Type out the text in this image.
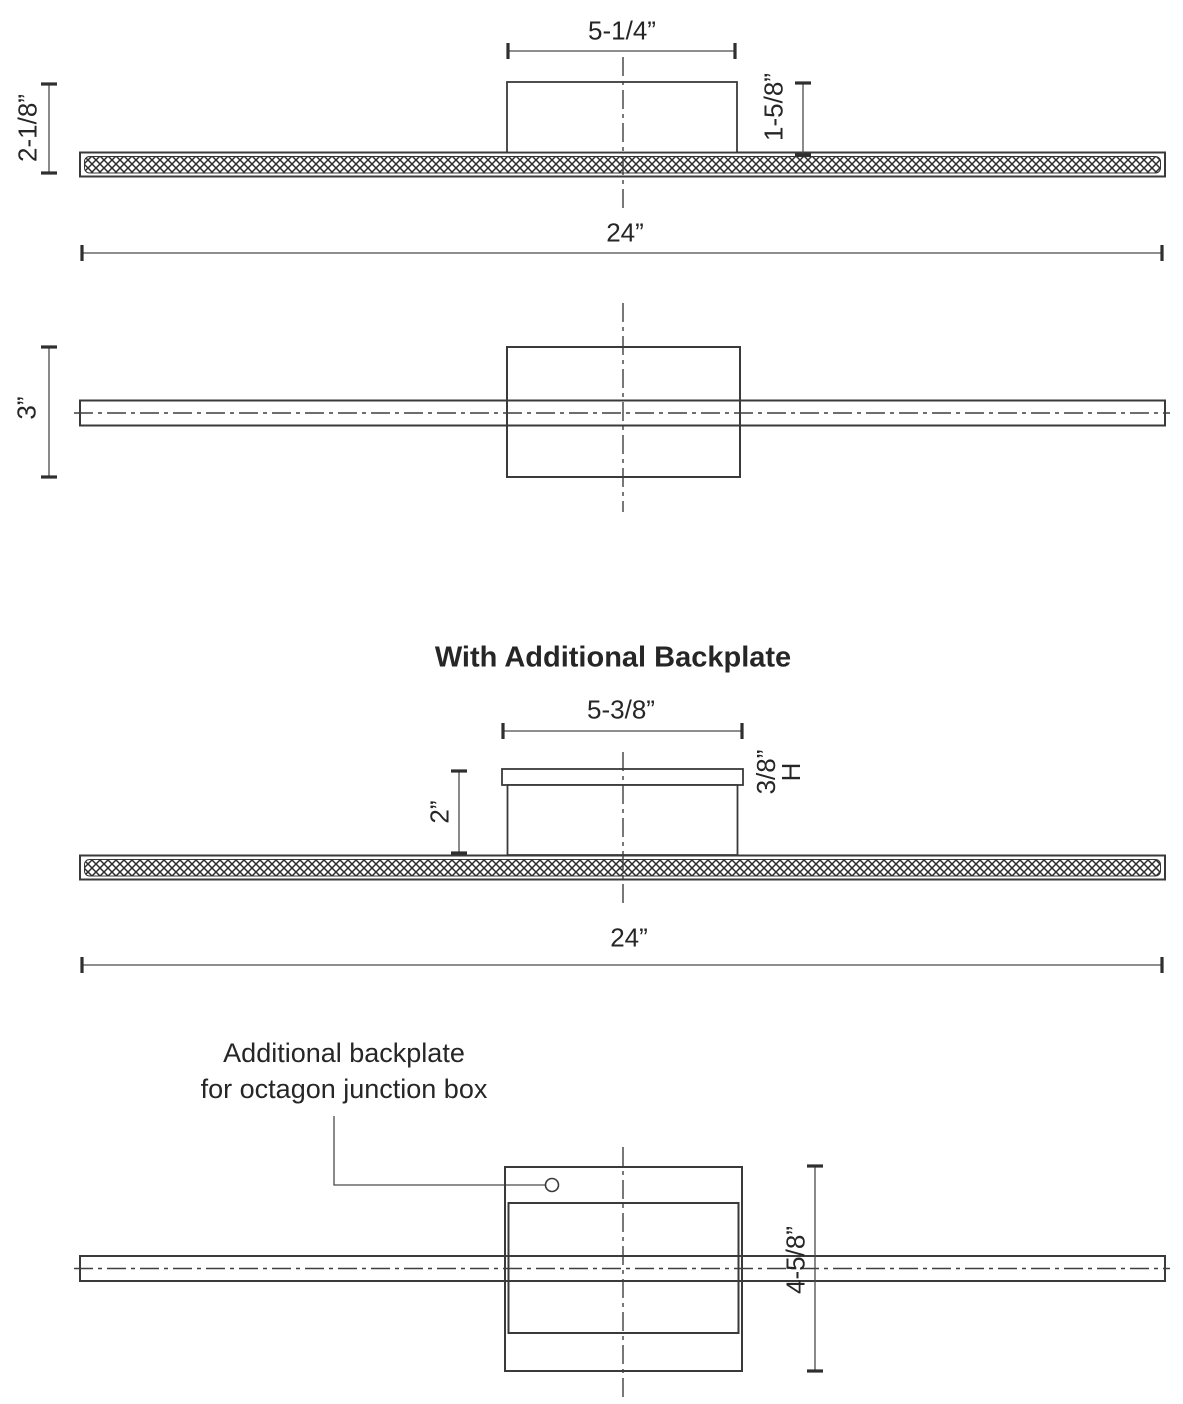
5-1/4”
2-1/8”	1-5/8”
24”
3”
With Additional Backplate
5-3/8”
2”
3/8”
H
24”
Additional backplate
for octagon junction box
4-5/8”
